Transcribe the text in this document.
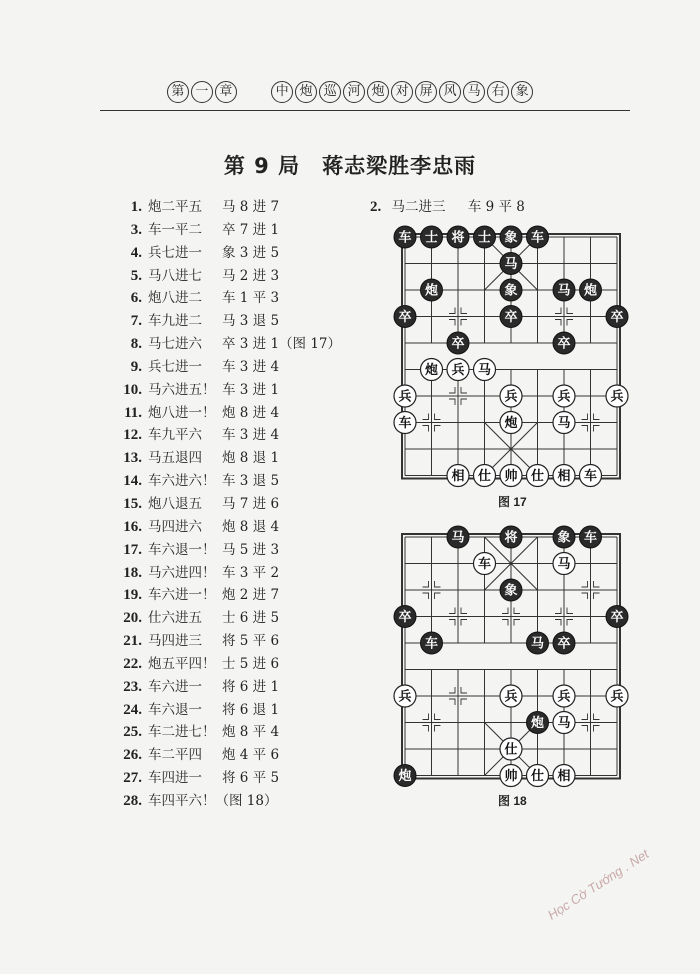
第 一 章	中 炮 巡 河 炮 对 屏 风 马 右 象
第 9 局　蒋志梁胜李忠雨
1. 炮二平五 马 8 进 7
3. 车一平二 卒 7 进 1
4. 兵七进一 象 3 进 5
5. 马八进七 马 2 进 3
6. 炮八进二 车 1 平 3
7. 车九进二 马 3 退 5
8. 马七进六 卒 3 进 1（图 17）
9. 兵七进一 车 3 进 4
10. 马六进五！ 车 3 进 1
11. 炮八进一！ 炮 8 进 4
12. 车九平六 车 3 进 4
13. 马五退四 炮 8 退 1
14. 车六进六！ 车 3 退 5
15. 炮八退五 马 7 进 6
16. 马四进六 炮 8 退 4
17. 车六退一！ 马 5 进 3
18. 马六进四！ 车 3 平 2
19. 车六进一！ 炮 2 进 7
20. 仕六进五 士 6 进 5
21. 马四进三 将 5 平 6
22. 炮五平四！ 士 5 进 6
23. 车六进一 将 6 进 1
24. 车六退一 将 6 退 1
25. 车二进七！ 炮 8 平 4
26. 车二平四 炮 4 平 6
27. 车四进一 将 6 平 5
28. 车四平六！（图 18）
2. 马二进三 车 9 平 8
车 士 将 士 象 车
马
炮	象	马 炮
卒	卒	卒
卒	卒
炮 兵 马
兵	兵	兵	兵
车	炮	马
相 仕 帅 仕 相 车
图 17
马	将	象 车
车	马
象
卒	卒
车	马 卒
兵	兵	兵	兵
炮 马
仕
炮	帅 仕 相
图 18
Học Cờ Tướng . Net
